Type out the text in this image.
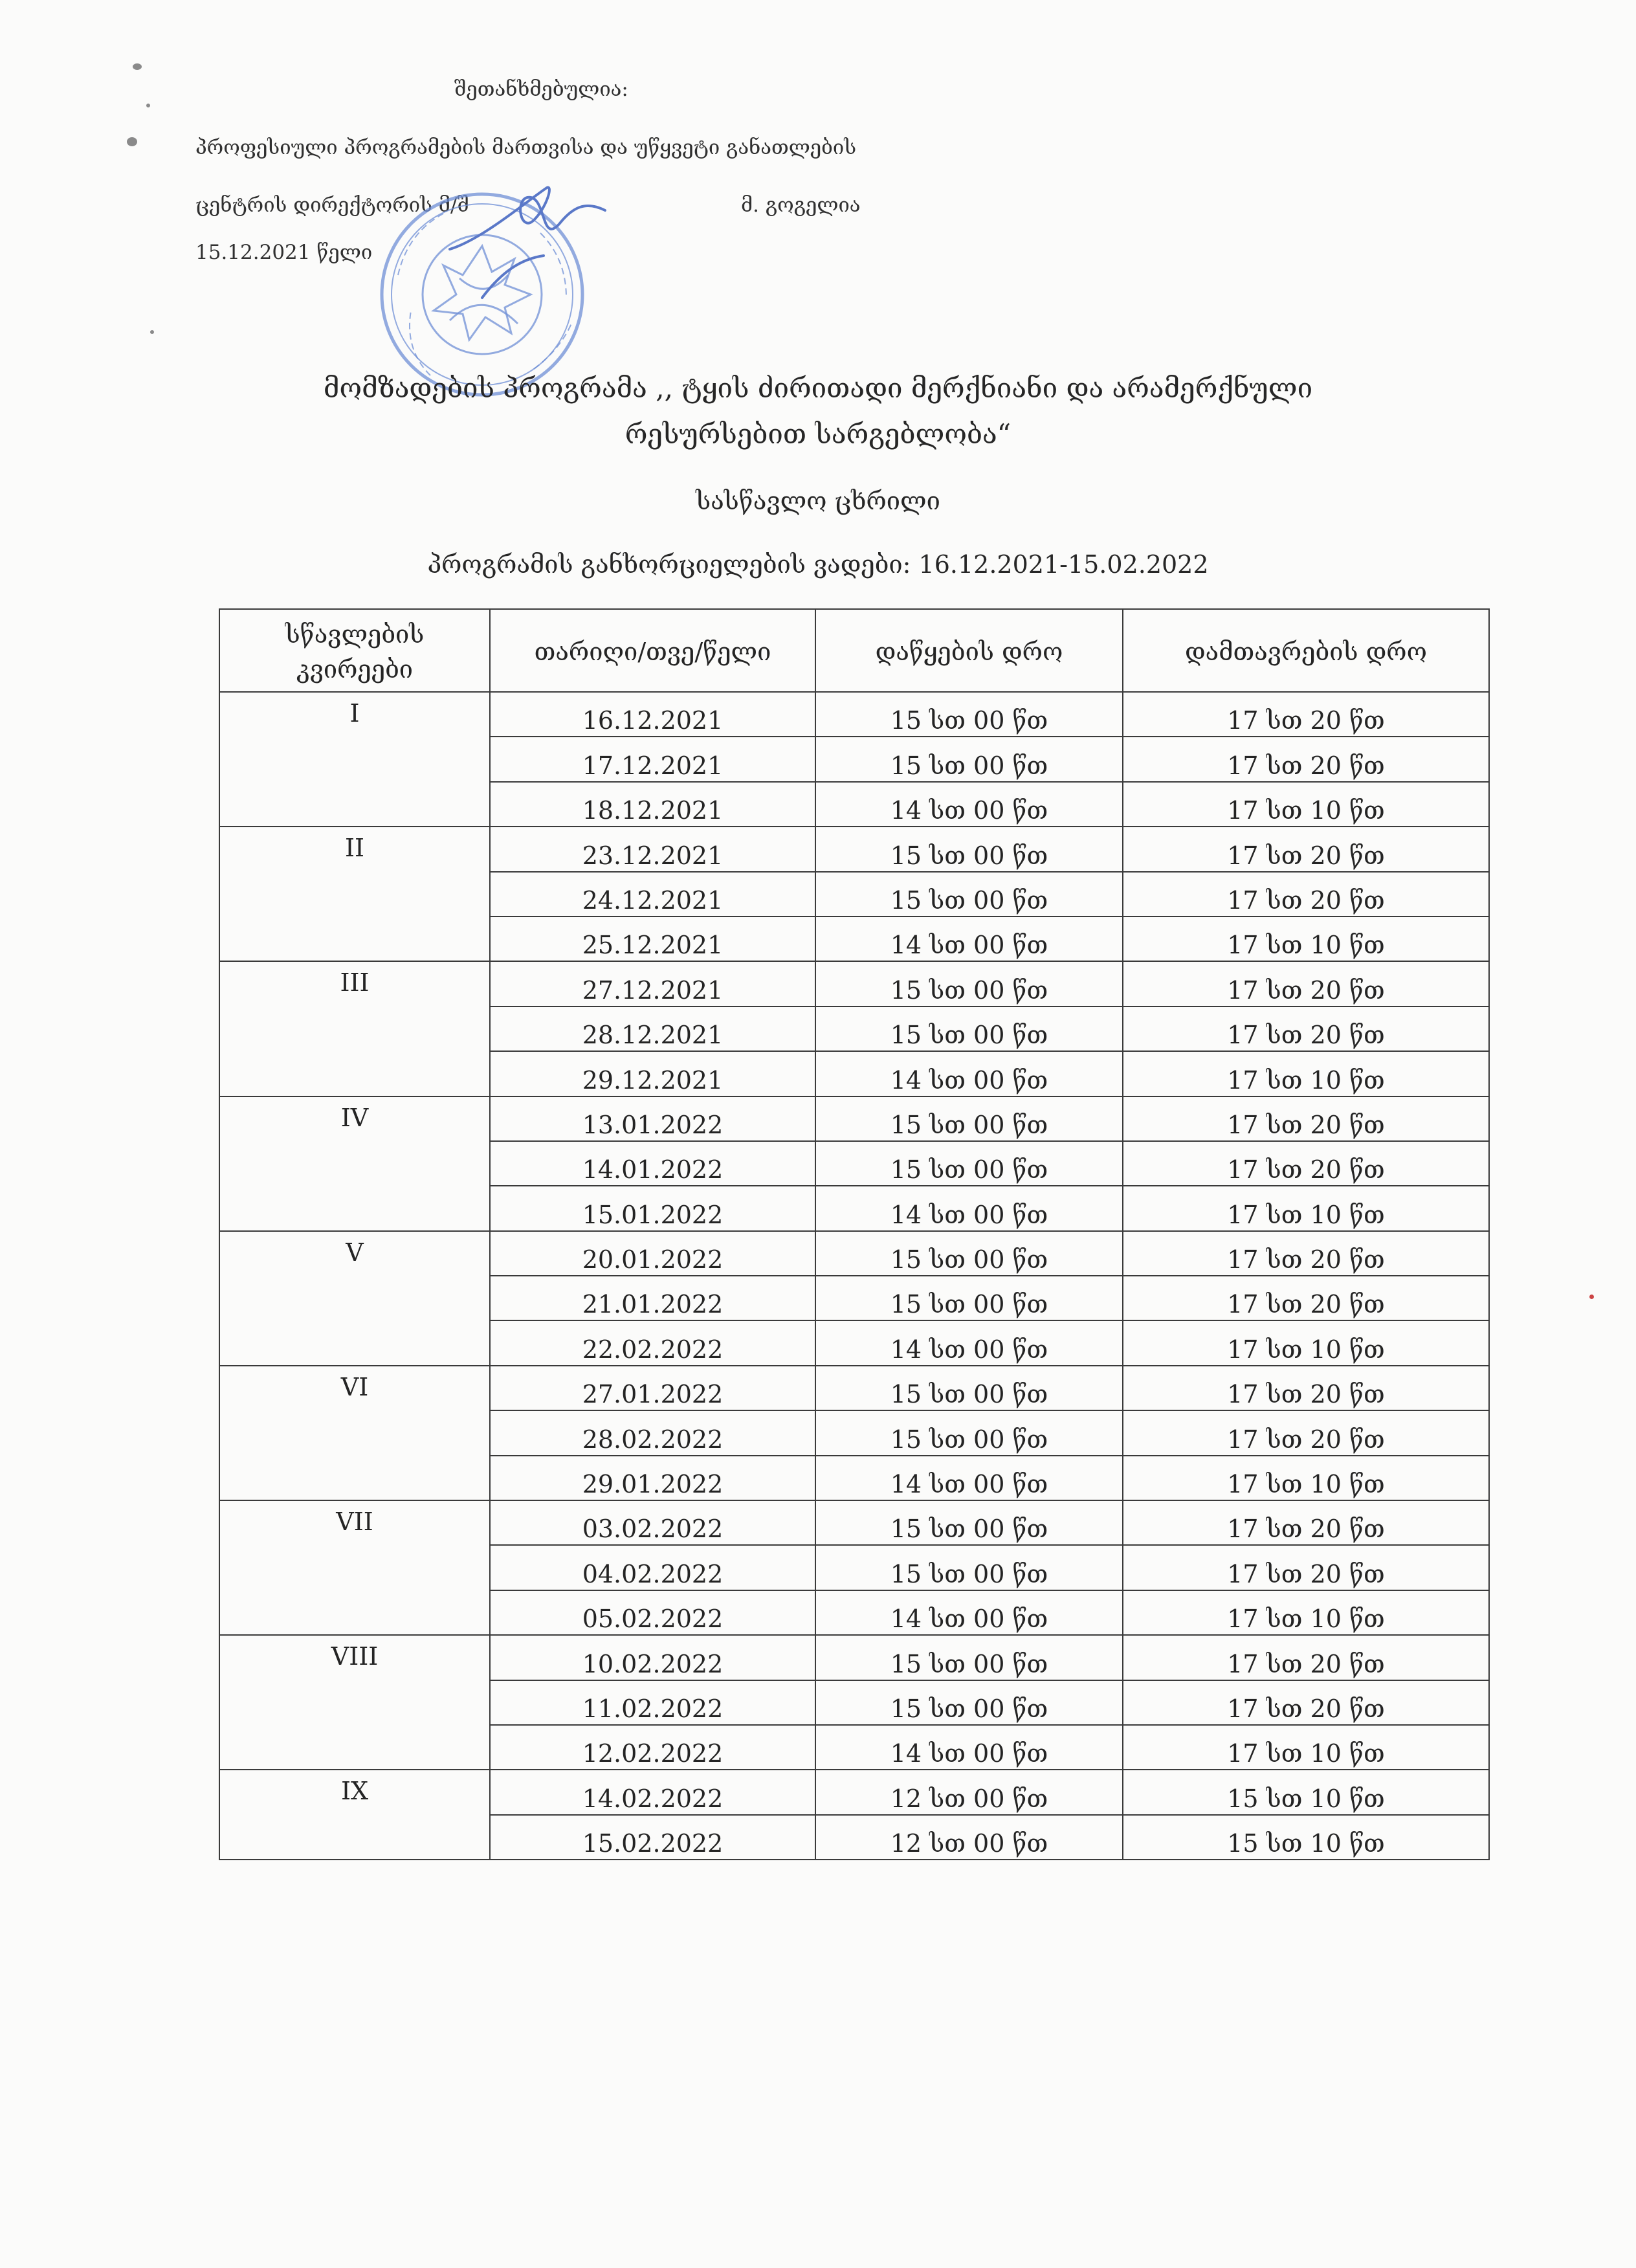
შეთანხმებულია:
პროფესიული პროგრამების მართვისა და უწყვეტი განათლების
ცენტრის დირექტორის მ/შ	მ. გოგელია
15.12.2021 წელი
მომზადების პროგრამა ,, ტყის ძირითადი მერქნიანი და არამერქნული
რესურსებით სარგებლობა“
სასწავლო ცხრილი
პროგრამის განხორციელების ვადები: 16.12.2021-15.02.2022
სწავლების კვირეები	თარიღი/თვე/წელი	დაწყების დრო	დამთავრების დრო
I	16.12.2021	15 სთ 00 წთ	17 სთ 20 წთ
	17.12.2021	15 სთ 00 წთ	17 სთ 20 წთ
	18.12.2021	14 სთ 00 წთ	17 სთ 10 წთ
II	23.12.2021	15 სთ 00 წთ	17 სთ 20 წთ
	24.12.2021	15 სთ 00 წთ	17 სთ 20 წთ
	25.12.2021	14 სთ 00 წთ	17 სთ 10 წთ
III	27.12.2021	15 სთ 00 წთ	17 სთ 20 წთ
	28.12.2021	15 სთ 00 წთ	17 სთ 20 წთ
	29.12.2021	14 სთ 00 წთ	17 სთ 10 წთ
IV	13.01.2022	15 სთ 00 წთ	17 სთ 20 წთ
	14.01.2022	15 სთ 00 წთ	17 სთ 20 წთ
	15.01.2022	14 სთ 00 წთ	17 სთ 10 წთ
V	20.01.2022	15 სთ 00 წთ	17 სთ 20 წთ
	21.01.2022	15 სთ 00 წთ	17 სთ 20 წთ
	22.02.2022	14 სთ 00 წთ	17 სთ 10 წთ
VI	27.01.2022	15 სთ 00 წთ	17 სთ 20 წთ
	28.02.2022	15 სთ 00 წთ	17 სთ 20 წთ
	29.01.2022	14 სთ 00 წთ	17 სთ 10 წთ
VII	03.02.2022	15 სთ 00 წთ	17 სთ 20 წთ
	04.02.2022	15 სთ 00 წთ	17 სთ 20 წთ
	05.02.2022	14 სთ 00 წთ	17 სთ 10 წთ
VIII	10.02.2022	15 სთ 00 წთ	17 სთ 20 წთ
	11.02.2022	15 სთ 00 წთ	17 სთ 20 წთ
	12.02.2022	14 სთ 00 წთ	17 სთ 10 წთ
IX	14.02.2022	12 სთ 00 წთ	15 სთ 10 წთ
	15.02.2022	12 სთ 00 წთ	15 სთ 10 წთ
